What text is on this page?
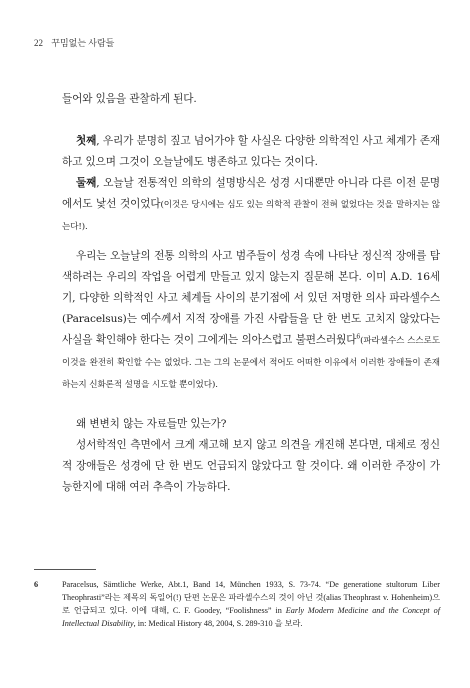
22 꾸밈없는 사람들
들어와 있음을 관찰하게 된다.
첫째, 우리가 분명히 짚고 넘어가야 할 사실은 다양한 의학적인 사고 체계가 존재하고 있으며 그것이 오늘날에도 병존하고 있다는 것이다.
둘째, 오늘날 전통적인 의학의 설명방식은 성경 시대뿐만 아니라 다른 이전 문명에서도 낯선 것이었다(이것은 당시에는 심도 있는 의학적 관찰이 전혀 없었다는 것을 말하지는 않는다!).
우리는 오늘날의 전통 의학의 사고 범주들이 성경 속에 나타난 정신적 장애를 탐색하려는 우리의 작업을 어렵게 만들고 있지 않는지 질문해 본다. 이미 A.D. 16세기, 다양한 의학적인 사고 체계들 사이의 분기점에 서 있던 저명한 의사 파라셀수스(Paracelsus)는 예수께서 지적 장애를 가진 사람들을 단 한 번도 고치지 않았다는 사실을 확인해야 한다는 것이 그에게는 의아스럽고 불편스러웠다$^6$(파라셀수스 스스로도 이것을 완전히 확인할 수는 없었다. 그는 그의 논문에서 적어도 어떠한 이유에서 이러한 장애들이 존재하는지 신화론적 설명을 시도할 뿐이었다).
왜 변변치 않는 자료들만 있는가?
성서학적인 측면에서 크게 재고해 보지 않고 의견을 개진해 본다면, 대체로 정신적 장애들은 성경에 단 한 번도 언급되지 않았다고 할 것이다. 왜 이러한 주장이 가능한지에 대해 여러 추측이 가능하다.
6	Paracelsus, Sämtliche Werke, Abt.1, Band 14, München 1933, S. 73-74. “De generatione stultorum Liber Theophrasti”라는 제목의 독일어(!) 단편 논문은 파라셀수스의 것이 아닌 것(alias Theophrast v. Hohenheim)으로 언급되고 있다. 이에 대해, C. F. Goodey, “Foolishness” in Early Modern Medicine and the Concept of Intellectual Disability, in: Medical History 48, 2004, S. 289-310 을 보라.
